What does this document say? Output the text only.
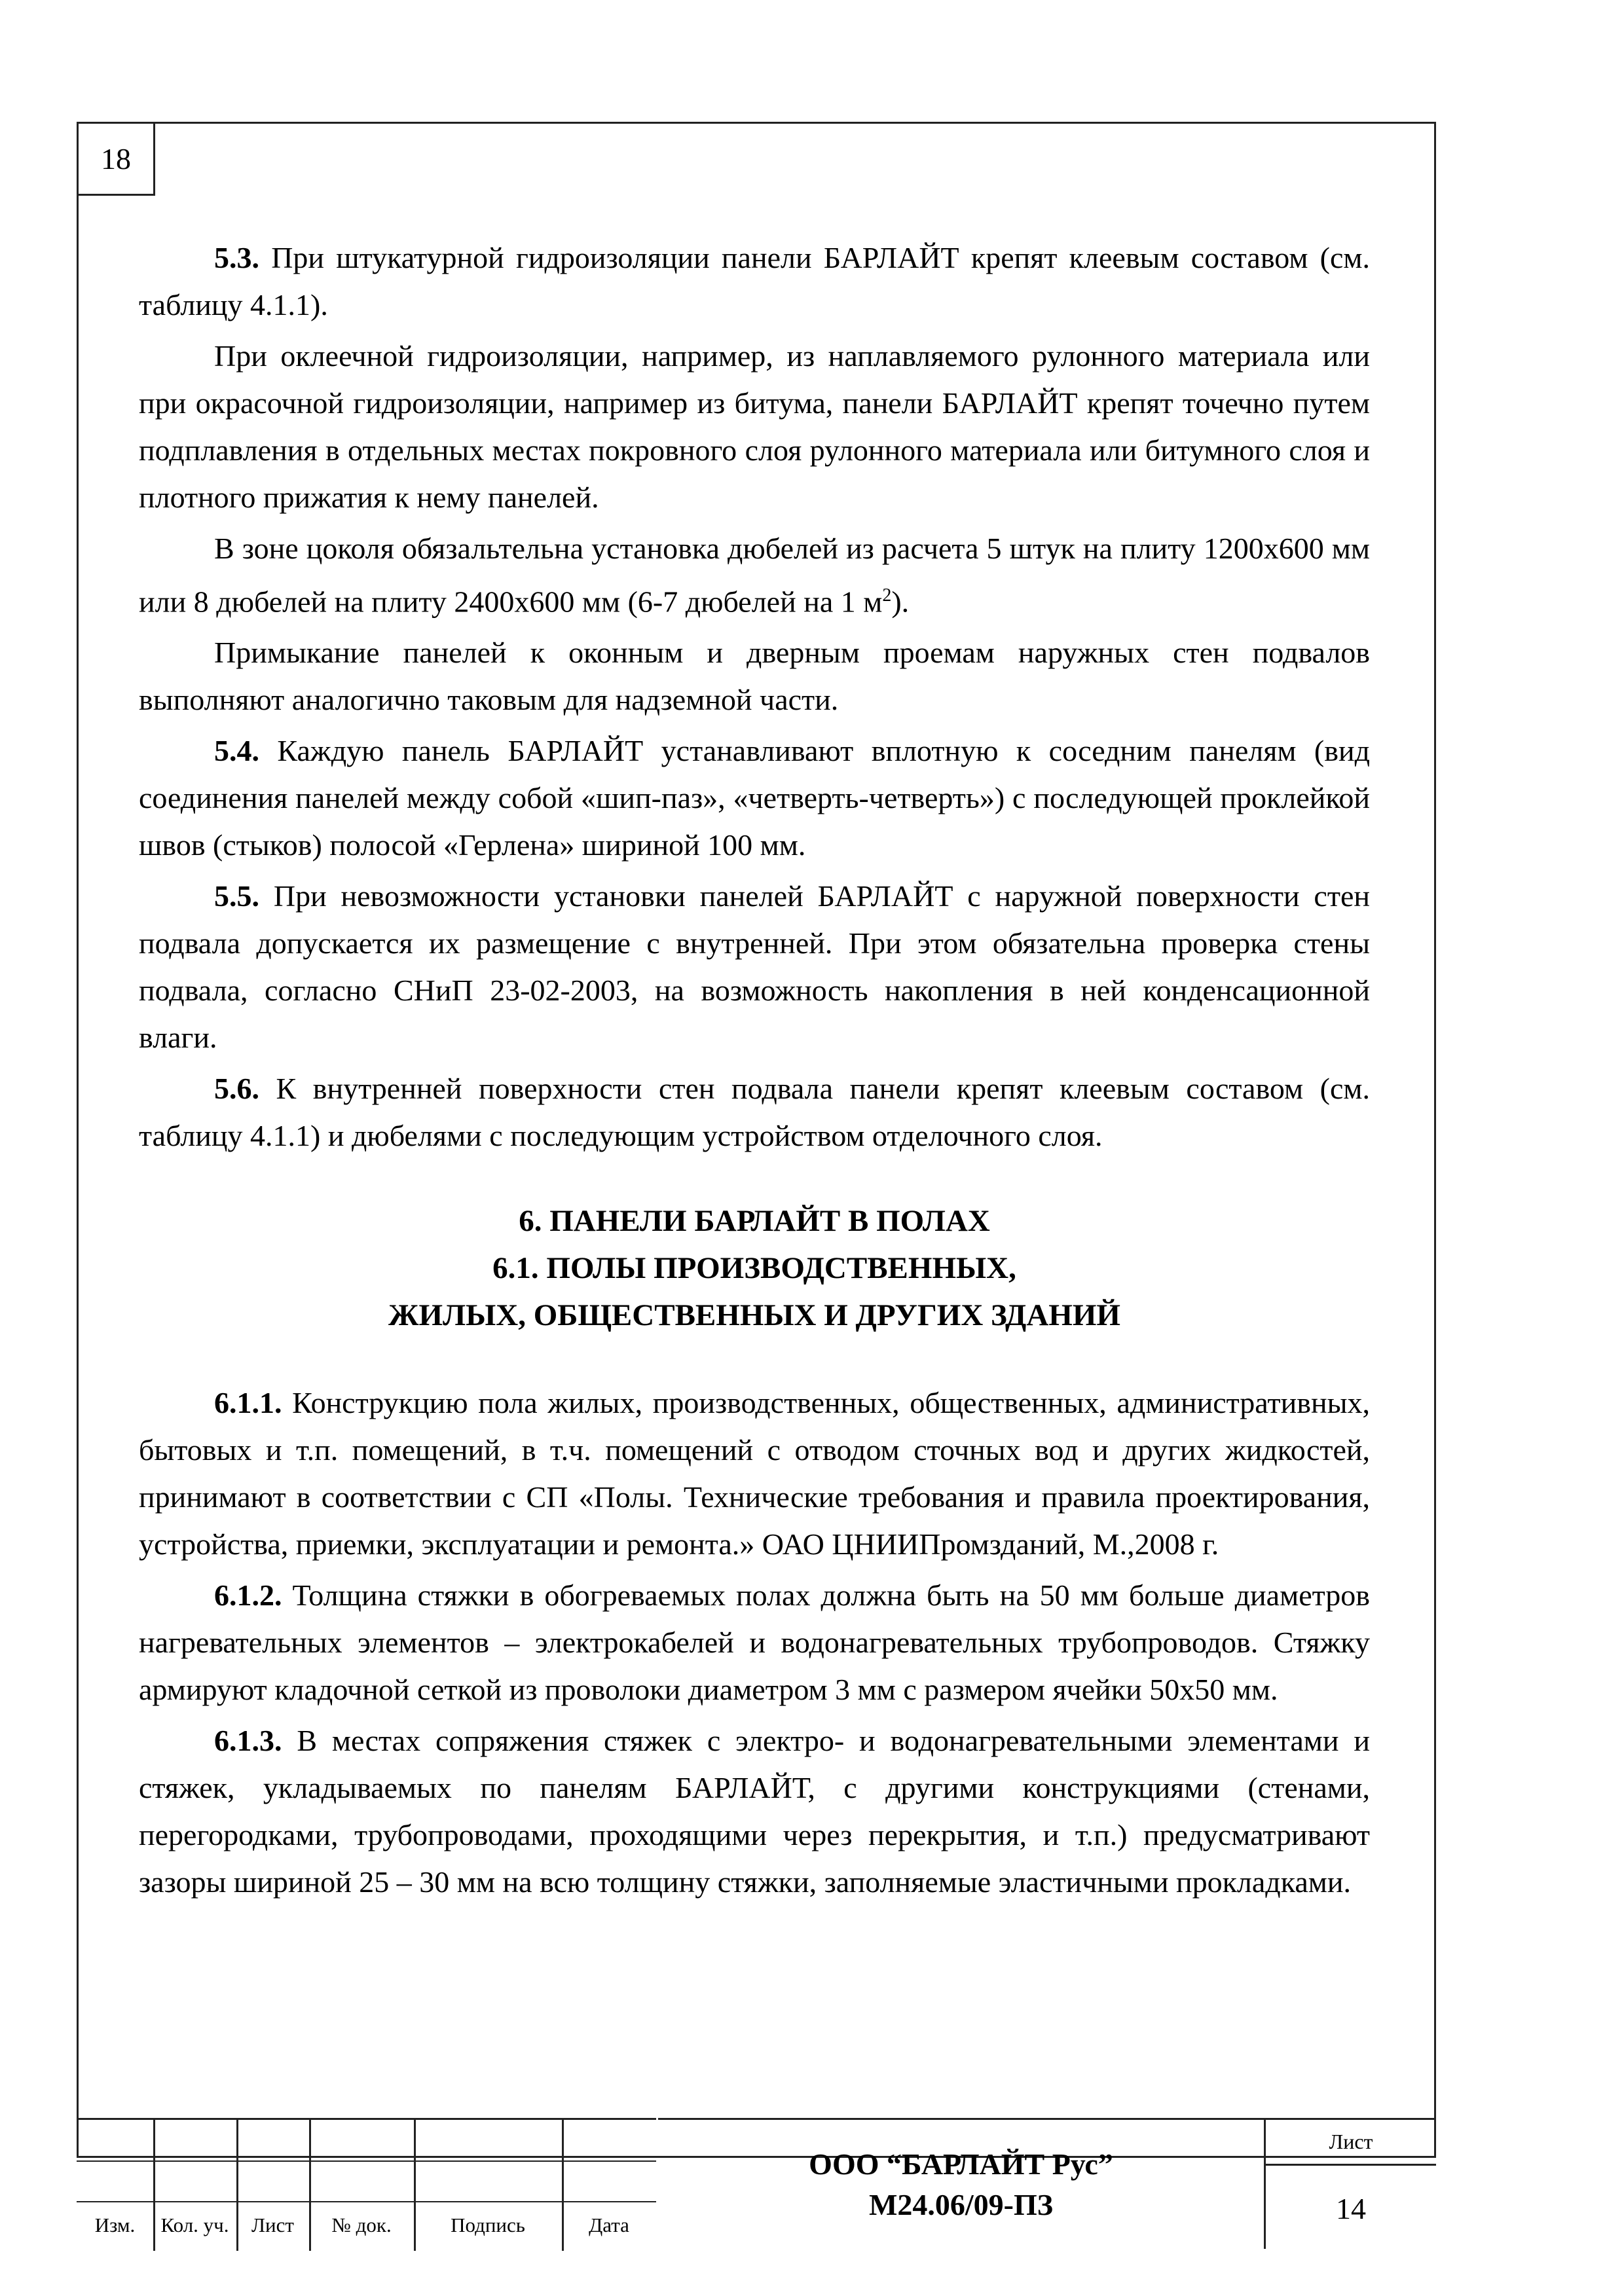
18

5.3. При штукатурной гидроизоляции панели БАРЛАЙТ крепят клеевым составом (см. таблицу 4.1.1).

При оклеечной гидроизоляции, например, из наплавляемого рулонного материала или при окрасочной гидроизоляции, например из битума, панели БАРЛАЙТ крепят точечно путем подплавления в отдельных местах покровного слоя рулонного материала или битумного слоя и плотного прижатия к нему панелей.

В зоне цоколя обязальтельна установка дюбелей из расчета 5 штук на плиту 1200х600 мм или 8 дюбелей на плиту 2400х600 мм (6-7 дюбелей на 1 $м^2$).

Примыкание панелей к оконным и дверным проемам наружных стен подвалов выполняют аналогично таковым для надземной части.

5.4. Каждую панель БАРЛАЙТ устанавливают вплотную к соседним панелям (вид соединения панелей между собой «шип-паз», «четверть-четверть») с последующей проклейкой швов (стыков) полосой «Герлена» шириной 100 мм.

5.5. При невозможности установки панелей БАРЛАЙТ с наружной поверхности стен подвала допускается их размещение с внутренней. При этом обязательна проверка стены подвала, согласно СНиП 23-02-2003, на возможность накопления в ней конденсационной влаги.

5.6. К внутренней поверхности стен подвала панели крепят клеевым составом (см. таблицу 4.1.1) и дюбелями с последующим устройством отделочного слоя.

6. ПАНЕЛИ БАРЛАЙТ В ПОЛАХ
6.1. ПОЛЫ ПРОИЗВОДСТВЕННЫХ,
ЖИЛЫХ, ОБЩЕСТВЕННЫХ И ДРУГИХ ЗДАНИЙ

6.1.1. Конструкцию пола жилых, производственных, общественных, административных, бытовых и т.п. помещений, в т.ч. помещений с отводом сточных вод и других жидкостей, принимают в соответствии с СП «Полы. Технические требования и правила проектирования, устройства, приемки, эксплуатации и ремонта.» ОАО ЦНИИПромзданий, М.,2008 г.

6.1.2. Толщина стяжки в обогреваемых полах должна быть на 50 мм больше диаметров нагревательных элементов – электрокабелей и водонагревательных трубопроводов. Стяжку армируют кладочной сеткой из проволоки диаметром 3 мм с размером ячейки 50х50 мм.

6.1.3. В местах сопряжения стяжек с электро- и водонагревательными элементами и стяжек, укладываемых по панелям БАРЛАЙТ, с другими конструкциями (стенами, перегородками, трубопроводами, проходящими через перекрытия, и т.п.) предусматривают зазоры шириной 25 – 30 мм на всю толщину стяжки, заполняемые эластичными прокладками.

Изм.	Кол. уч.	Лист	№ док.	Подпись	Дата
ООО “БАРЛАЙТ Рус”
М24.06/09-ПЗ
Лист
14
